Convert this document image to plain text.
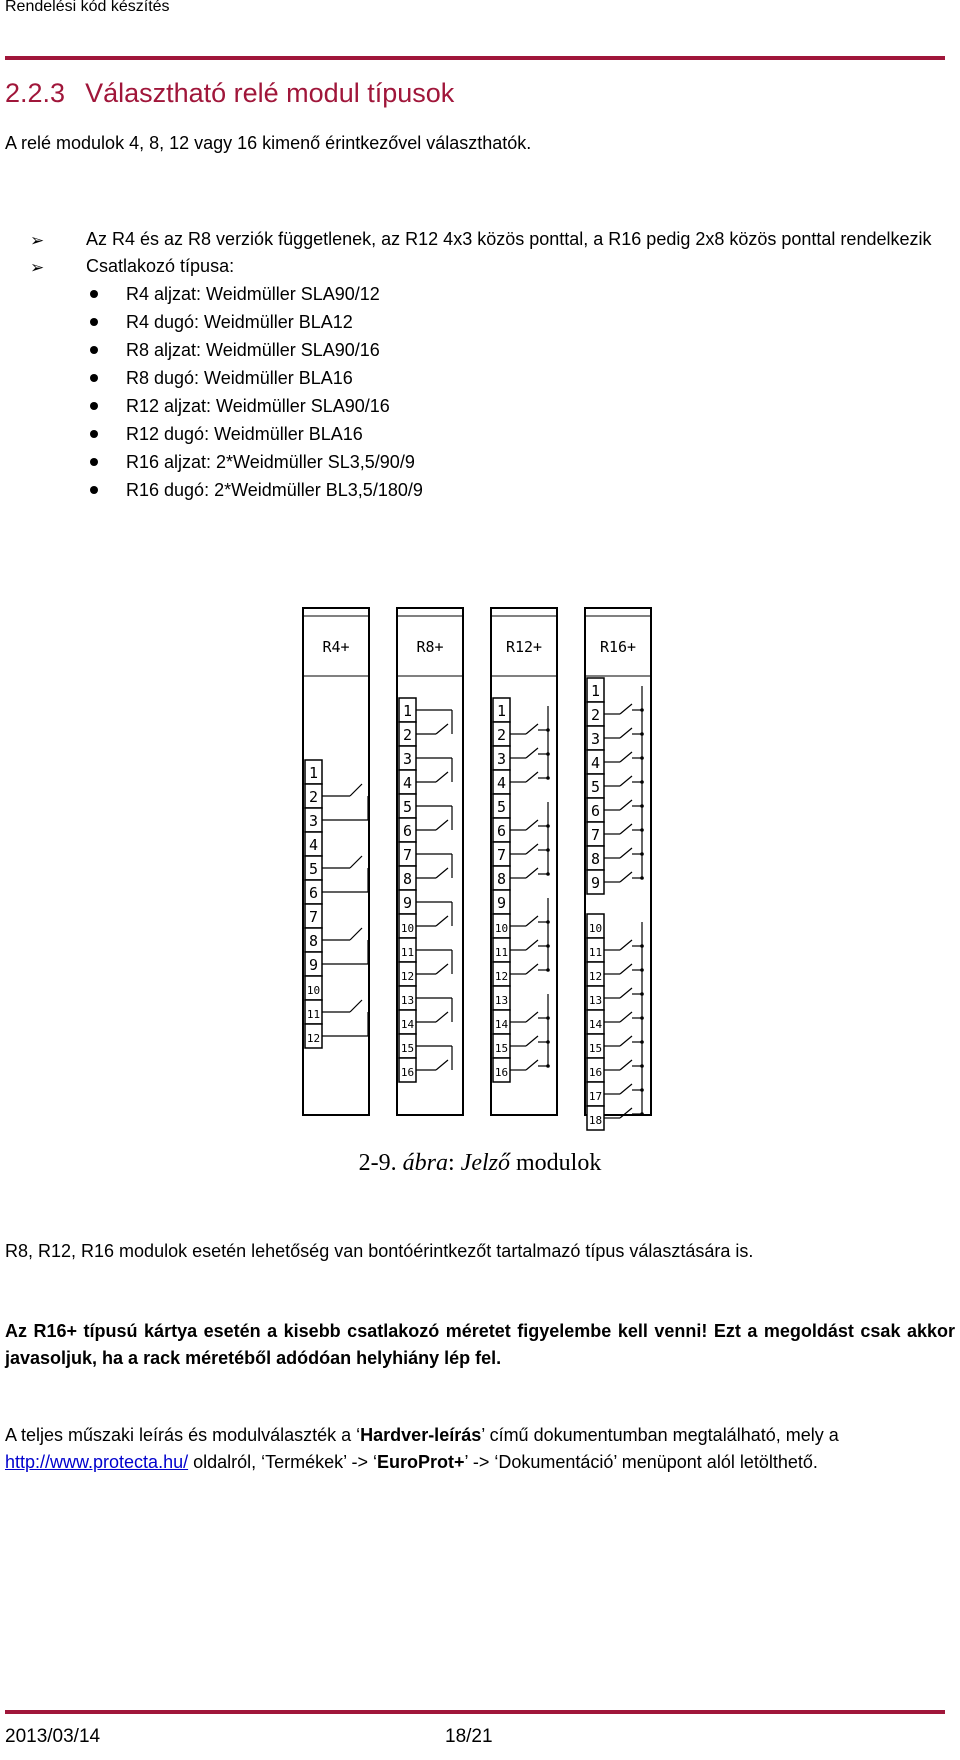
Rendelési kód készítés
2.2.3 Választható relé modul típusok

A relé modulok 4, 8, 12 vagy 16 kimenő érintkezővel választhatók.

➢ Az R4 és az R8 verziók függetlenek, az R12 4x3 közös ponttal, a R16 pedig 2x8 közös ponttal rendelkezik
➢ Csatlakozó típusa:
R4 aljzat: Weidmüller SLA90/12
R4 dugó: Weidmüller BLA12
R8 aljzat: Weidmüller SLA90/16
R8 dugó: Weidmüller BLA16
R12 aljzat: Weidmüller SLA90/16
R12 dugó: Weidmüller BLA16
R16 aljzat: 2*Weidmüller SL3,5/90/9
R16 dugó: 2*Weidmüller BL3,5/180/9
R4+
1
2
3
4
5
6
7
8
9
10
11
12
R8+
1
2
3
4
5
6
7
8
9
10
11
12
13
14
15
16
R12+
1
2
3
4
5
6
7
8
9
10
11
12
13
14
15
16
R16+
1
2
3
4
5
6
7
8
9
10
11
12
13
14
15
16
17
18
2-9. ábra: Jelző modulok

R8, R12, R16 modulok esetén lehetőség van bontóérintkezőt tartalmazó típus választására is.

Az R16+ típusú kártya esetén a kisebb csatlakozó méretet figyelembe kell venni! Ezt a megoldást csak akkor javasoljuk, ha a rack méretéből adódóan helyhiány lép fel.

A teljes műszaki leírás és modulválaszték a ‘Hardver-leírás’ című dokumentumban megtalálható, mely a http://www.protecta.hu/ oldalról, ‘Termékek’ -> ‘EuroProt+’ -> ‘Dokumentáció’ menüpont alól letölthető.

2013/03/14	18/21
